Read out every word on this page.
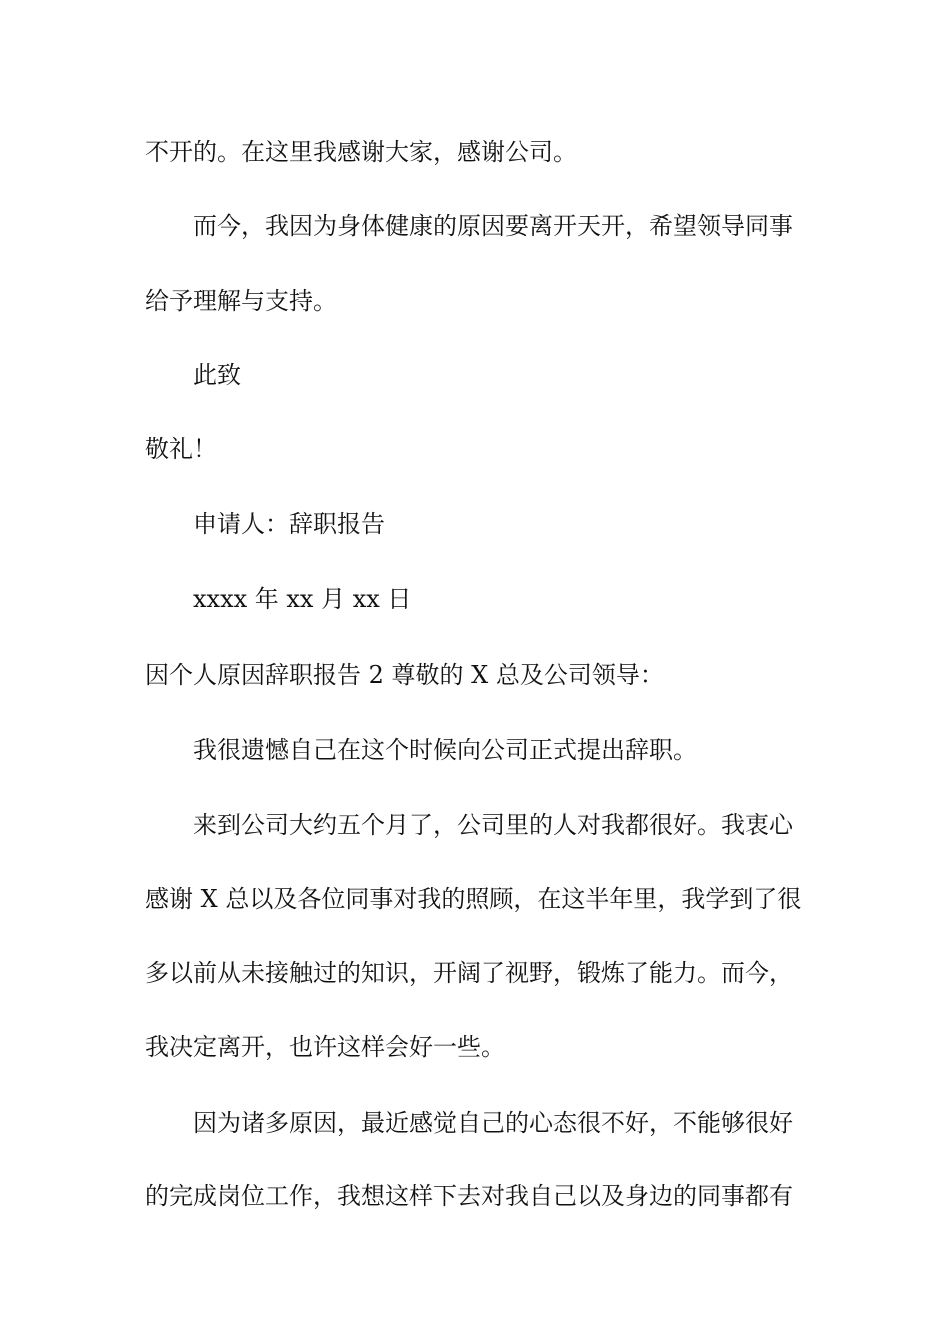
不开的。在这里我感谢大家，感谢公司。
而今，我因为身体健康的原因要离开天开，希望领导同事
给予理解与支持。
此致
敬礼！
申请人：辞职报告
xxxx 年 xx 月 xx 日
因个人原因辞职报告 2 尊敬的 X 总及公司领导：
我很遗憾自己在这个时候向公司正式提出辞职。
来到公司大约五个月了，公司里的人对我都很好。我衷心
感谢 X 总以及各位同事对我的照顾，在这半年里，我学到了很
多以前从未接触过的知识，开阔了视野，锻炼了能力。而今，
我决定离开，也许这样会好一些。
因为诸多原因，最近感觉自己的心态很不好，不能够很好
的完成岗位工作，我想这样下去对我自己以及身边的同事都有
